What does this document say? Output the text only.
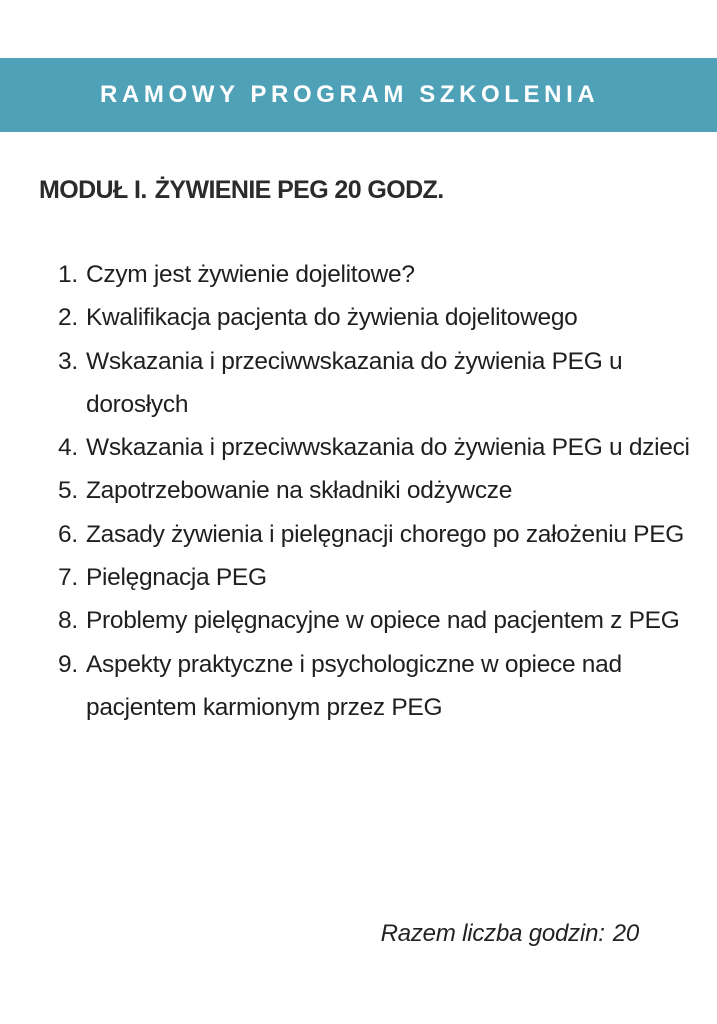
RAMOWY PROGRAM SZKOLENIA
MODUŁ I. ŻYWIENIE PEG 20 GODZ.
1. Czym jest żywienie dojelitowe?
2. Kwalifikacja pacjenta do żywienia dojelitowego
3. Wskazania i przeciwwskazania do żywienia PEG u dorosłych
4. Wskazania i przeciwwskazania do żywienia PEG u dzieci
5. Zapotrzebowanie na składniki odżywcze
6. Zasady żywienia i pielęgnacji chorego po założeniu PEG
7. Pielęgnacja PEG
8. Problemy pielęgnacyjne w opiece nad pacjentem z PEG
9. Aspekty praktyczne i psychologiczne w opiece nad pacjentem karmionym przez PEG
Razem liczba godzin: 20
